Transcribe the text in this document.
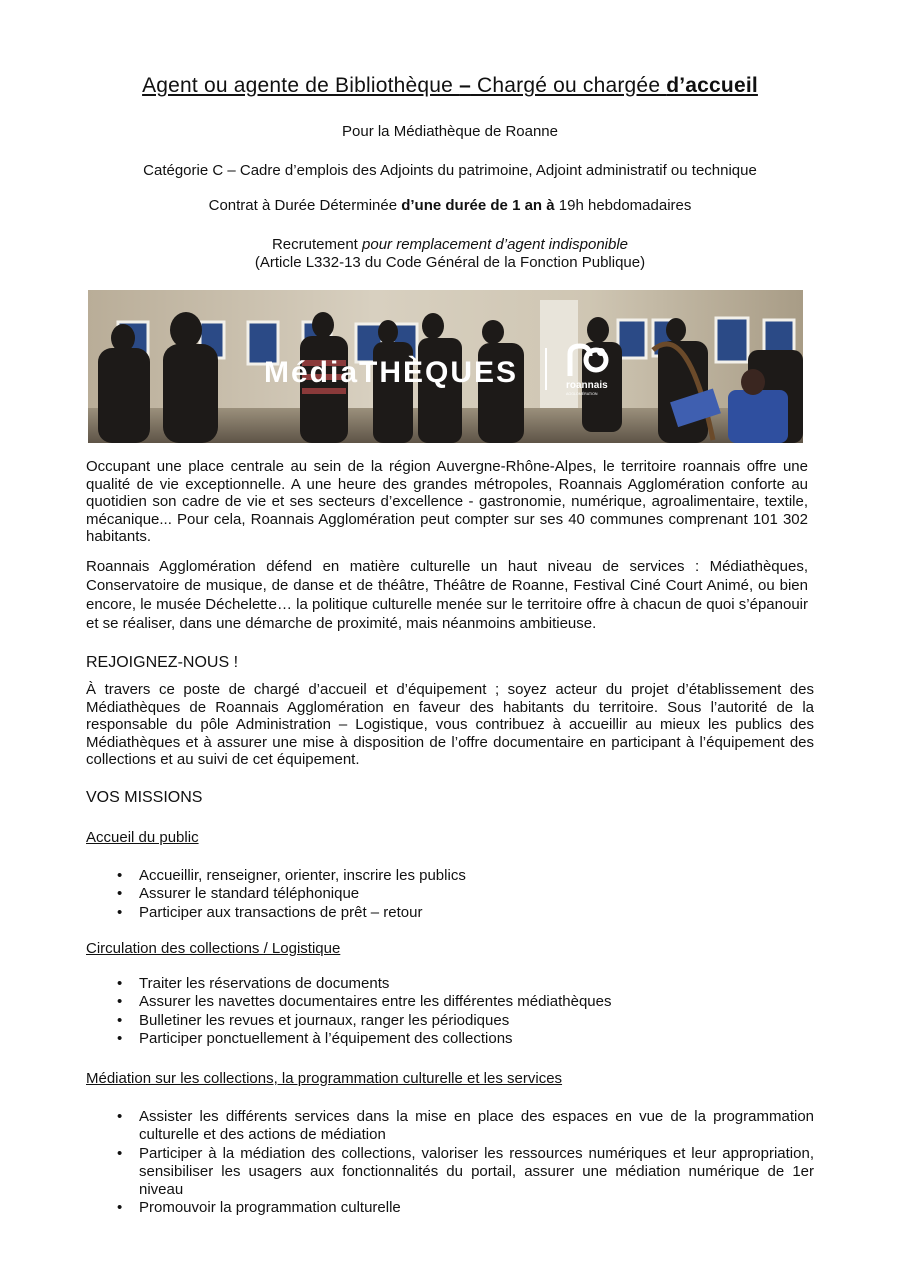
Agent ou agente de Bibliothèque – Chargé ou chargée d’accueil
Pour la Médiathèque de Roanne
Catégorie C – Cadre d’emplois des Adjoints du patrimoine, Adjoint administratif ou technique
Contrat à Durée Déterminée d’une durée de 1 an à 19h hebdomadaires
Recrutement pour remplacement d’agent indisponible
(Article L332-13 du Code Général de la Fonction Publique)
MédiaTHÈQUES	roannais
AGGLOMÉRATION
Occupant une place centrale au sein de la région Auvergne-Rhône-Alpes, le territoire roannais offre une qualité de vie exceptionnelle. A une heure des grandes métropoles, Roannais Agglomération conforte au quotidien son cadre de vie et ses secteurs d’excellence - gastronomie, numérique, agroalimentaire, textile, mécanique... Pour cela, Roannais Agglomération peut compter sur ses 40 communes comprenant 101 302 habitants.
Roannais Agglomération défend en matière culturelle un haut niveau de services : Médiathèques, Conservatoire de musique, de danse et de théâtre, Théâtre de Roanne, Festival Ciné Court Animé, ou bien encore, le musée Déchelette… la politique culturelle menée sur le territoire offre à chacun de quoi s’épanouir et se réaliser, dans une démarche de proximité, mais néanmoins ambitieuse.
REJOIGNEZ-NOUS !
À travers ce poste de chargé d’accueil et d’équipement ; soyez acteur du projet d’établissement des Médiathèques de Roannais Agglomération en faveur des habitants du territoire. Sous l’autorité de la responsable du pôle Administration – Logistique, vous contribuez à accueillir au mieux les publics des Médiathèques et à assurer une mise à disposition de l’offre documentaire en participant à l’équipement des collections et au suivi de cet équipement.
VOS MISSIONS
Accueil du public
• Accueillir, renseigner, orienter, inscrire les publics
• Assurer le standard téléphonique
• Participer aux transactions de prêt – retour
Circulation des collections / Logistique
• Traiter les réservations de documents
• Assurer les navettes documentaires entre les différentes médiathèques
• Bulletiner les revues et journaux, ranger les périodiques
• Participer ponctuellement à l’équipement des collections
Médiation sur les collections, la programmation culturelle et les services
• Assister les différents services dans la mise en place des espaces en vue de la programmation culturelle et des actions de médiation
• Participer à la médiation des collections, valoriser les ressources numériques et leur appropriation, sensibiliser les usagers aux fonctionnalités du portail, assurer une médiation numérique de 1er niveau
• Promouvoir la programmation culturelle
